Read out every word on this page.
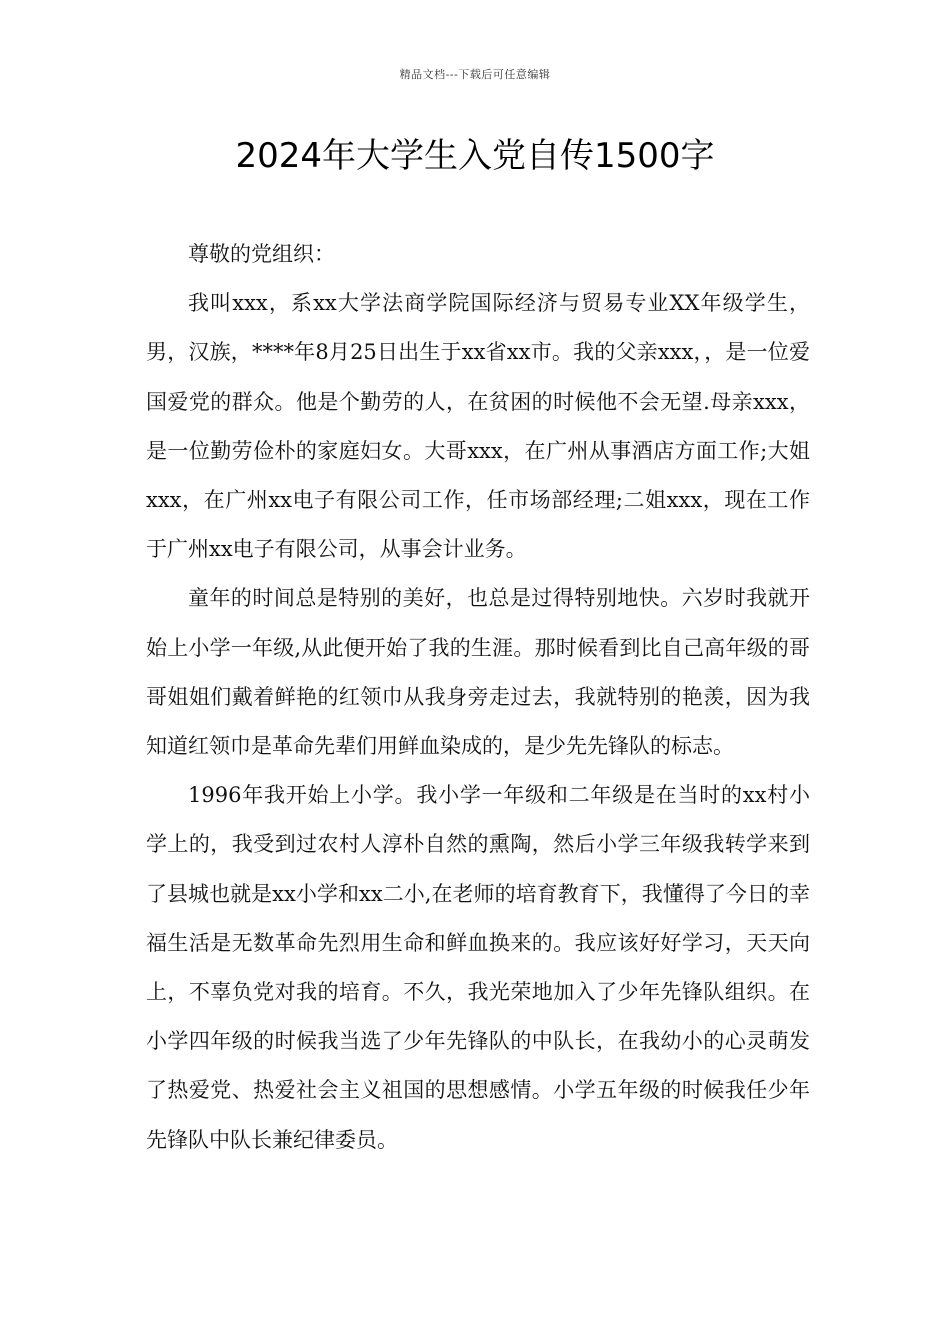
精品文档---下载后可任意编辑
2024年大学生入党自传1500字

尊敬的党组织：

我叫xxx，系xx大学法商学院国际经济与贸易专业XX年级学生，男，汉族，****年8月25日出生于xx省xx市。我的父亲xxx，，是一位爱国爱党的群众。他是个勤劳的人，在贫困的时候他不会无望.母亲xxx，是一位勤劳俭朴的家庭妇女。大哥xxx，在广州从事酒店方面工作;大姐xxx，在广州xx电子有限公司工作，任市场部经理;二姐xxx，现在工作于广州xx电子有限公司，从事会计业务。

童年的时间总是特别的美好，也总是过得特别地快。六岁时我就开始上小学一年级,从此便开始了我的生涯。那时候看到比自己高年级的哥哥姐姐们戴着鲜艳的红领巾从我身旁走过去，我就特别的艳羡，因为我知道红领巾是革命先辈们用鲜血染成的，是少先先锋队的标志。

1996年我开始上小学。我小学一年级和二年级是在当时的xx村小学上的，我受到过农村人淳朴自然的熏陶，然后小学三年级我转学来到了县城也就是xx小学和xx二小,在老师的培育教育下，我懂得了今日的幸福生活是无数革命先烈用生命和鲜血换来的。我应该好好学习，天天向上，不辜负党对我的培育。不久，我光荣地加入了少年先锋队组织。在小学四年级的时候我当选了少年先锋队的中队长，在我幼小的心灵萌发了热爱党、热爱社会主义祖国的思想感情。小学五年级的时候我任少年先锋队中队长兼纪律委员。
